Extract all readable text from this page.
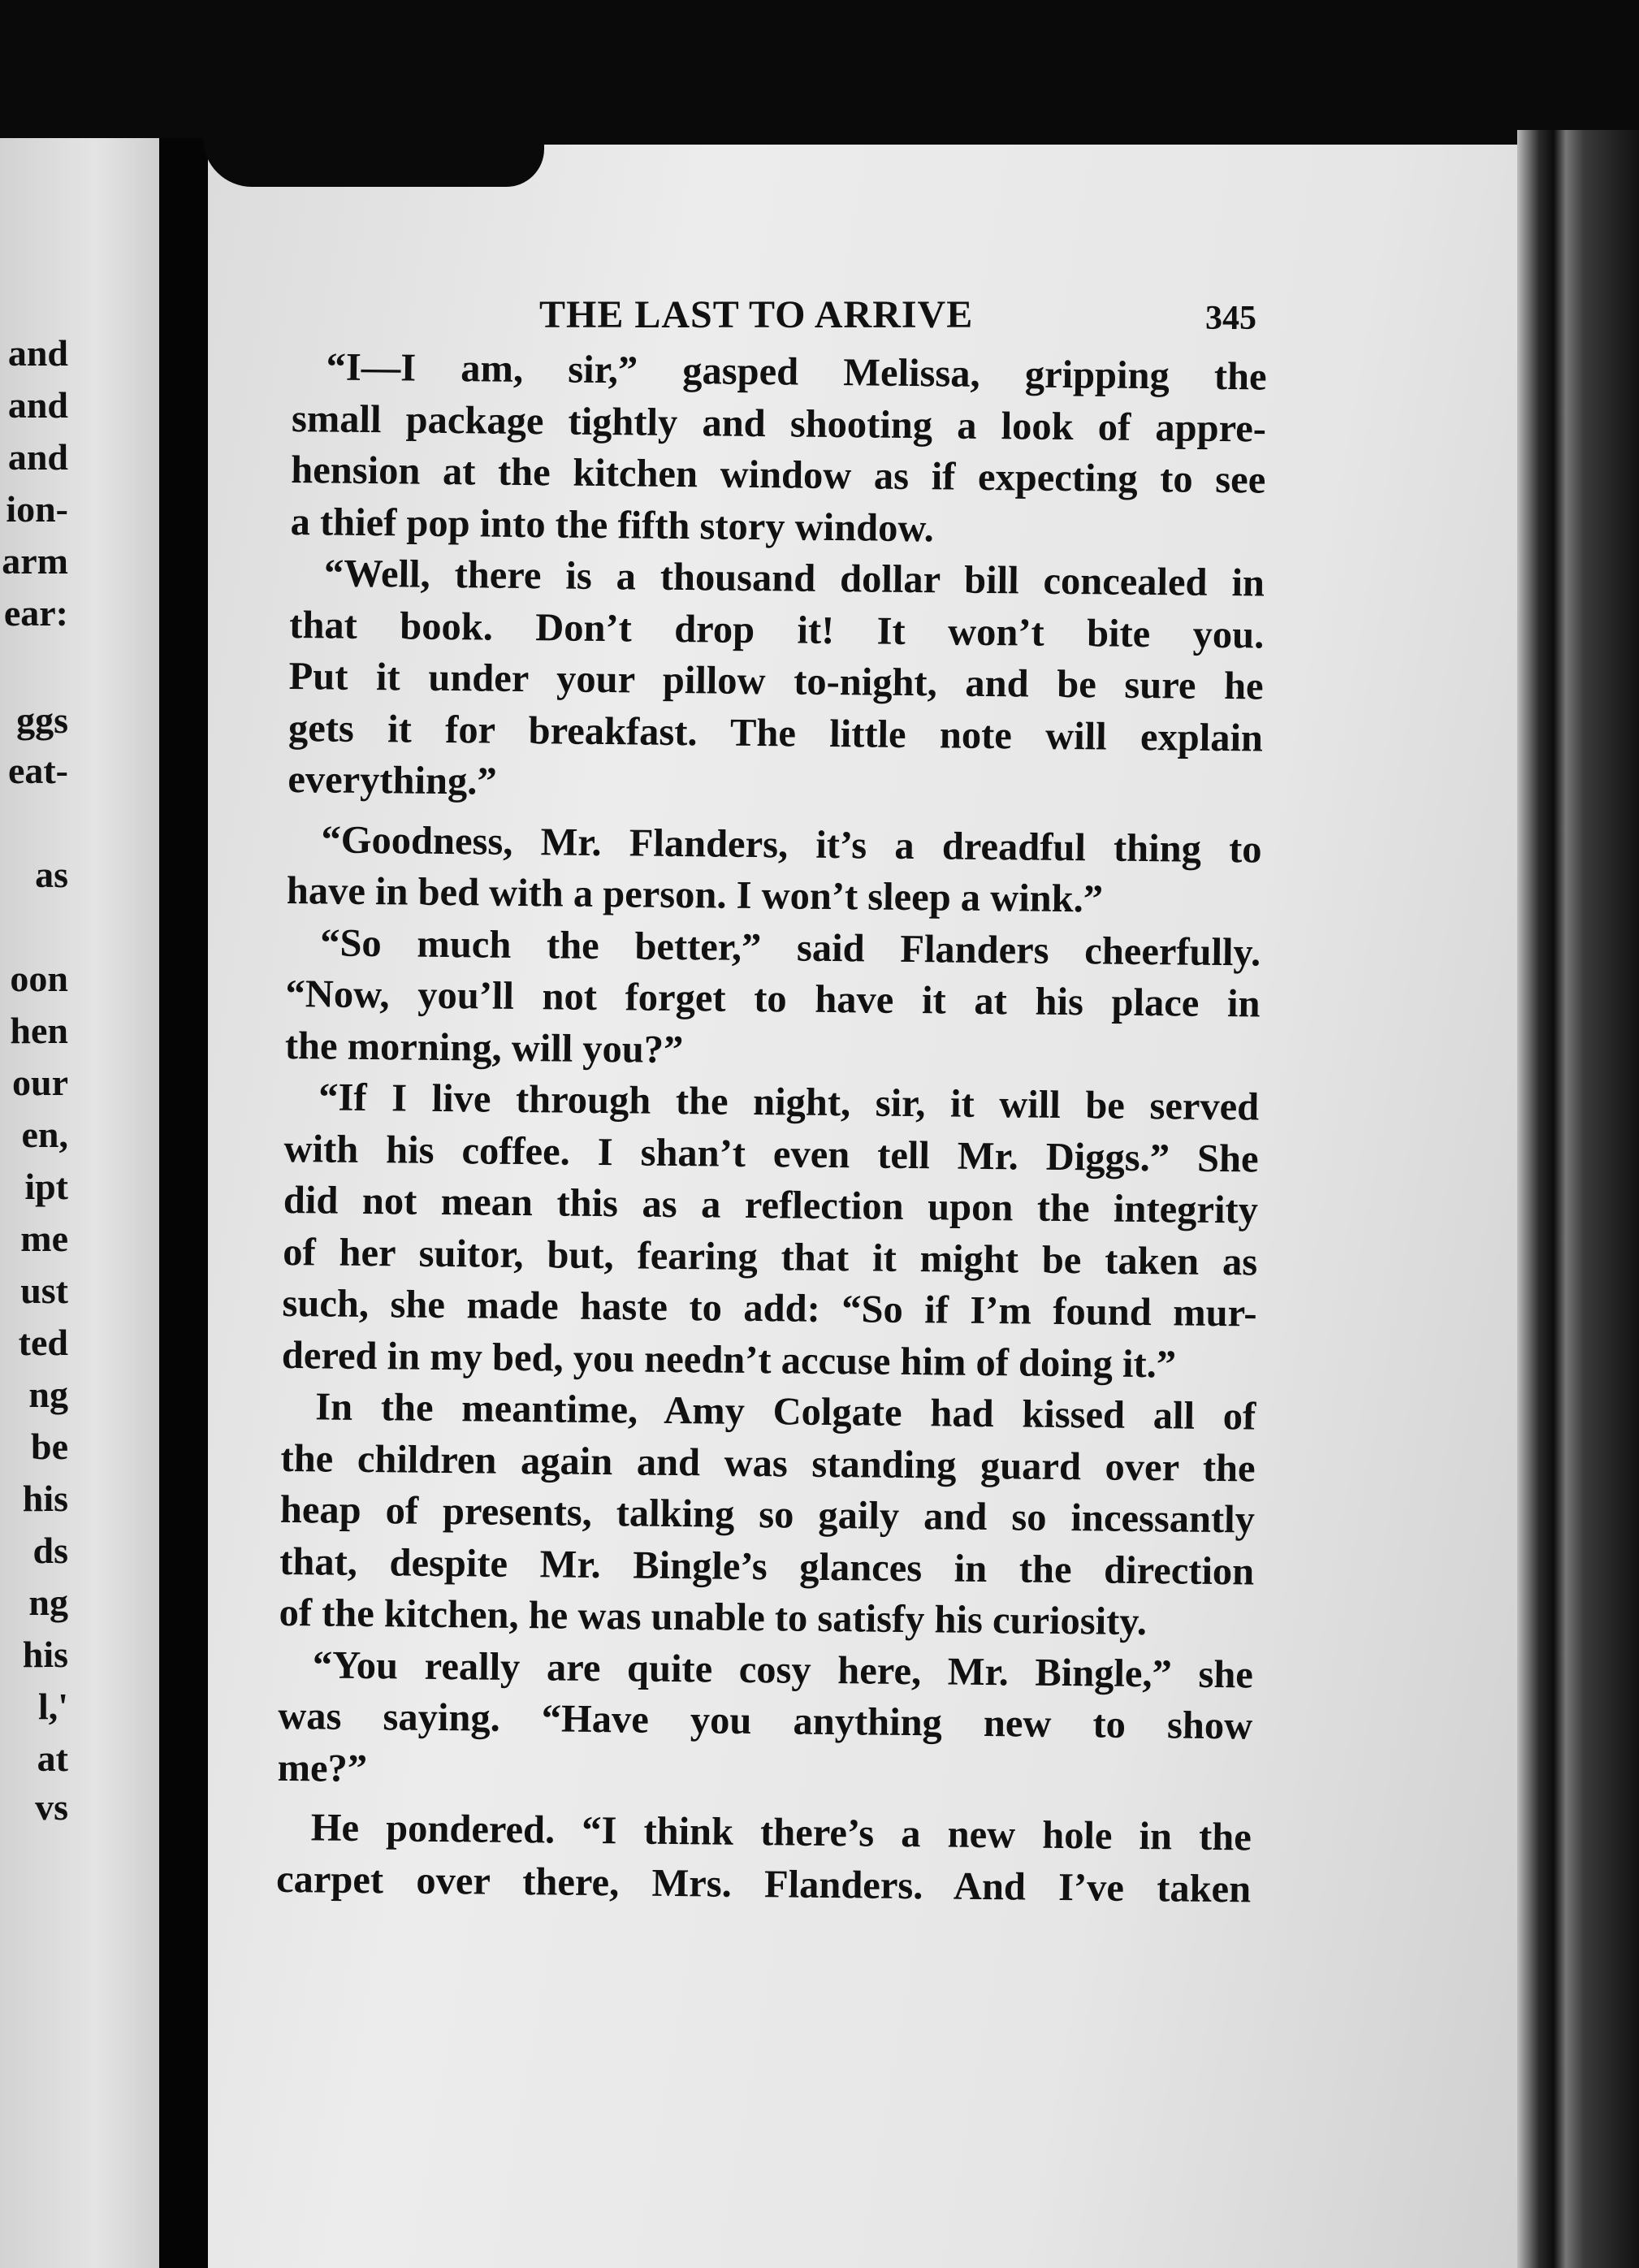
and
and
and
ion-
arm
ear:
ggs
eat-
as
oon
hen
our
en,
ipt
me
ust
ted
ng
be
his
ds
ng
his
l,'
at
vs
THE LAST TO ARRIVE	345
“I—I am, sir,” gasped Melissa, gripping the
small package tightly and shooting a look of appre-
hension at the kitchen window as if expecting to see
a thief pop into the fifth story window.
“Well, there is a thousand dollar bill concealed in
that book. Don’t drop it! It won’t bite you.
Put it under your pillow to-night, and be sure he
gets it for breakfast. The little note will explain
everything.”
“Goodness, Mr. Flanders, it’s a dreadful thing to
have in bed with a person. I won’t sleep a wink.”
“So much the better,” said Flanders cheerfully.
“Now, you’ll not forget to have it at his place in
the morning, will you?”
“If I live through the night, sir, it will be served
with his coffee. I shan’t even tell Mr. Diggs.” She
did not mean this as a reflection upon the integrity
of her suitor, but, fearing that it might be taken as
such, she made haste to add: “So if I’m found mur-
dered in my bed, you needn’t accuse him of doing it.”
In the meantime, Amy Colgate had kissed all of
the children again and was standing guard over the
heap of presents, talking so gaily and so incessantly
that, despite Mr. Bingle’s glances in the direction
of the kitchen, he was unable to satisfy his curiosity.
“You really are quite cosy here, Mr. Bingle,” she
was saying. “Have you anything new to show
me?”
He pondered. “I think there’s a new hole in the
carpet over there, Mrs. Flanders. And I’ve taken
